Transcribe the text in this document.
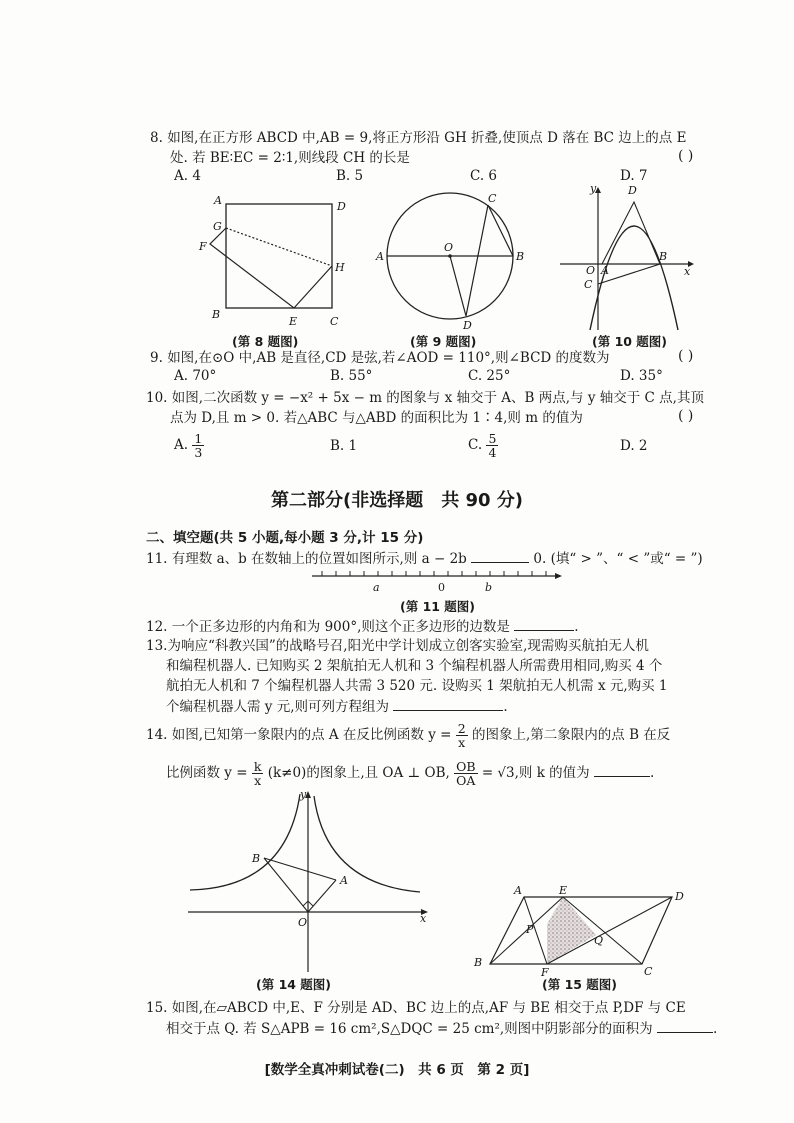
8. 如图,在正方形 ABCD 中,AB = 9,将正方形沿 GH 折叠,使顶点 D 落在 BC 边上的点 E
处. 若 BE∶EC = 2∶1,则线段 CH 的长是	( )
A. 4	B. 5	C. 6	D. 7
A	D
G
F
H
B
E	C
(第 8 题图)
A
O
B
C
D
(第 9 题图)
y	D
O A
B
x
C
(第 10 题图)
9. 如图,在⊙O 中,AB 是直径,CD 是弦,若∠AOD = 110°,则∠BCD 的度数为	( )
A. 70°	B. 55°	C. 25°	D. 35°
10. 如图,二次函数 y = −x² + 5x − m 的图象与 x 轴交于 A、B 两点,与 y 轴交于 C 点,其顶
点为 D,且 m > 0. 若△ABC 与△ABD 的面积比为 1∶4,则 m 的值为	( )
A. $\frac{1}{3}$	B. 1	C. $\frac{5}{4}$	D. 2
第二部分(非选择题　共 90 分)
二、填空题(共 5 小题,每小题 3 分,计 15 分)
11. 有理数 a、b 在数轴上的位置如图所示,则 a − 2b	0. (填“ > ”、“ < ”或“ = ”)
a	0	b
(第 11 题图)
12. 一个正多边形的内角和为 900°,则这个正多边形的边数是	.
13.为响应“科教兴国”的战略号召,阳光中学计划成立创客实验室,现需购买航拍无人机
和编程机器人. 已知购买 2 架航拍无人机和 3 个编程机器人所需费用相同,购买 4 个
航拍无人机和 7 个编程机器人共需 3 520 元. 设购买 1 架航拍无人机需 x 元,购买 1
个编程机器人需 y 元,则可列方程组为	.
14. 如图,已知第一象限内的点 A 在反比例函数 $y = \frac{2}{x}$ 的图象上,第二象限内的点 B 在反
比例函数 $y = \frac{k}{x} (k\ne 0)$的图象上,且 OA ⊥ OB, $\frac{OB}{OA} = √3$,则 k 的值为	.
y
B
A
O	x
(第 14 题图)
A	E	D
P
Q
B
F	C
(第 15 题图)
15. 如图,在▱ABCD 中,E、F 分别是 AD、BC 边上的点,AF 与 BE 相交于点 P,DF 与 CE
相交于点 Q. 若 S△APB = 16 cm²,S△DQC = 25 cm²,则图中阴影部分的面积为	.
[数学全真冲刺试卷(二)　共 6 页　第 2 页]
